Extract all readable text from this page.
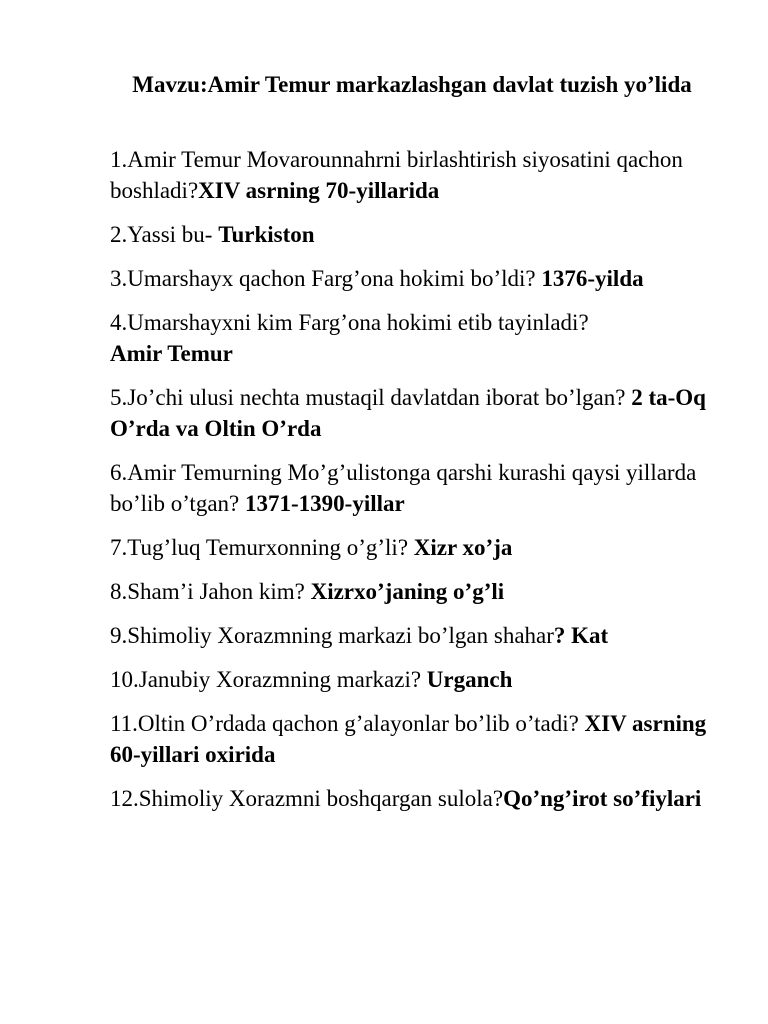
Mavzu:Amir Temur markazlashgan davlat tuzish yo’lida

1.Amir Temur Movarounnahrni birlashtirish siyosatini qachon boshladi?XIV asrning 70-yillarida

2.Yassi bu- Turkiston

3.Umarshayx qachon Farg’ona hokimi bo’ldi? 1376-yilda

4.Umarshayxni kim Farg’ona hokimi etib tayinladi?
Amir Temur

5.Jo’chi ulusi nechta mustaqil davlatdan iborat bo’lgan? 2 ta-Oq O’rda va Oltin O’rda

6.Amir Temurning Mo’g’ulistonga qarshi kurashi qaysi yillarda bo’lib o’tgan? 1371-1390-yillar

7.Tug’luq Temurxonning o’g’li? Xizr xo’ja

8.Sham’i Jahon kim? Xizrxo’janing o’g’li

9.Shimoliy Xorazmning markazi bo’lgan shahar? Kat

10.Janubiy Xorazmning markazi? Urganch

11.Oltin O’rdada qachon g’alayonlar bo’lib o’tadi? XIV asrning 60-yillari oxirida

12.Shimoliy Xorazmni boshqargan sulola?Qo’ng’irot so’fiylari
